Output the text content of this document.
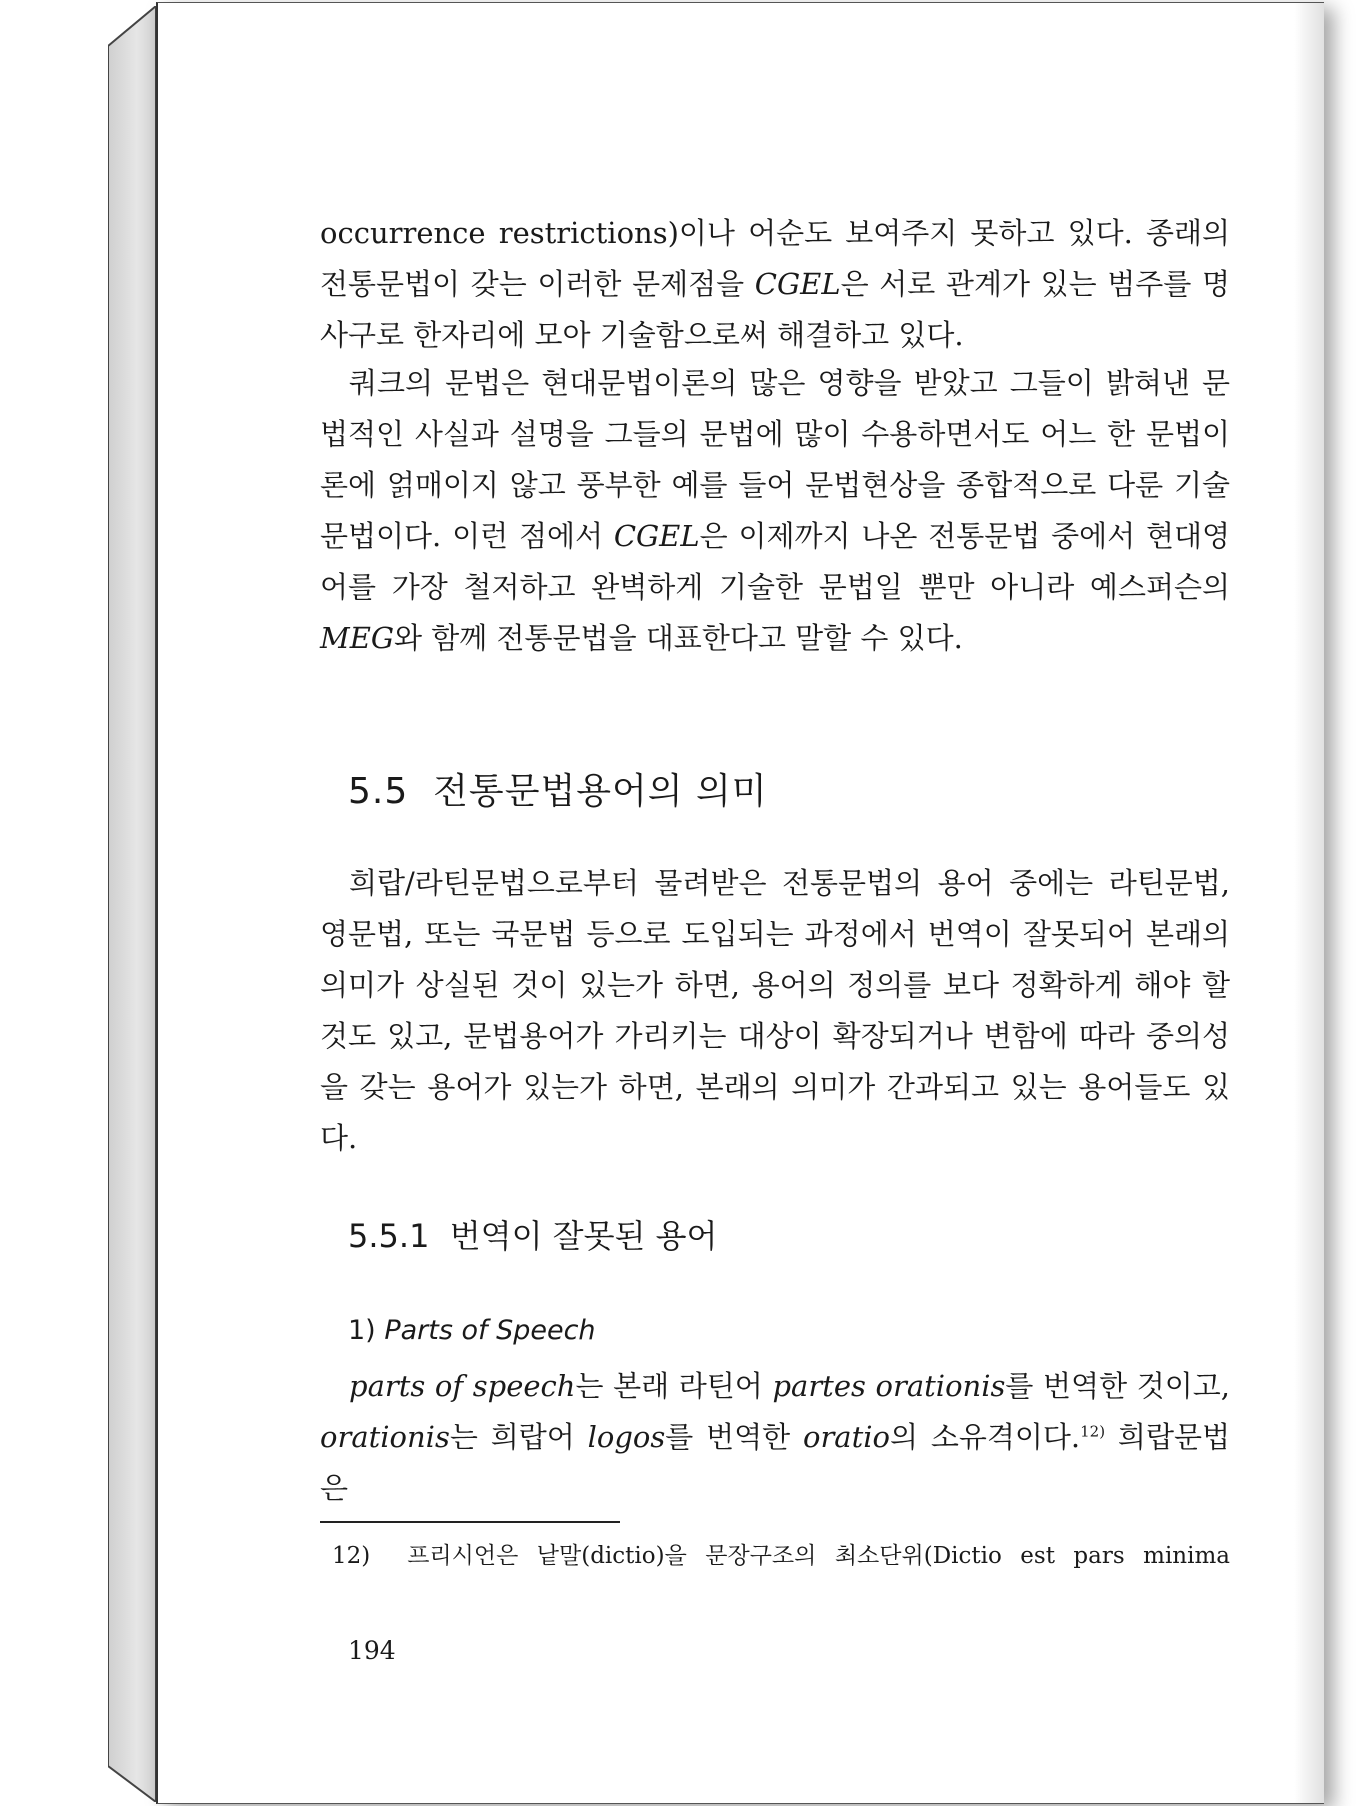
occurrence restrictions)이나 어순도 보여주지 못하고 있다. 종래의 전통문법이 갖는 이러한 문제점을 CGEL은 서로 관계가 있는 범주를 명사구로 한자리에 모아 기술함으로써 해결하고 있다.

쿼크의 문법은 현대문법이론의 많은 영향을 받았고 그들이 밝혀낸 문법적인 사실과 설명을 그들의 문법에 많이 수용하면서도 어느 한 문법이론에 얽매이지 않고 풍부한 예를 들어 문법현상을 종합적으로 다룬 기술문법이다. 이런 점에서 CGEL은 이제까지 나온 전통문법 중에서 현대영어를 가장 철저하고 완벽하게 기술한 문법일 뿐만 아니라 예스퍼슨의 MEG와 함께 전통문법을 대표한다고 말할 수 있다.

5.5 전통문법용어의 의미

희랍/라틴문법으로부터 물려받은 전통문법의 용어 중에는 라틴문법, 영문법, 또는 국문법 등으로 도입되는 과정에서 번역이 잘못되어 본래의 의미가 상실된 것이 있는가 하면, 용어의 정의를 보다 정확하게 해야 할 것도 있고, 문법용어가 가리키는 대상이 확장되거나 변함에 따라 중의성을 갖는 용어가 있는가 하면, 본래의 의미가 간과되고 있는 용어들도 있다.

5.5.1 번역이 잘못된 용어

1) Parts of Speech

 parts of speech는 본래 라틴어 partes orationis를 번역한 것이고, orationis는 희랍어 logos를 번역한 oratio의 소유격이다.$^{12)}$ 희랍문법은

12) 프리시언은 낱말(dictio)을 문장구조의 최소단위(Dictio est pars minima

194
